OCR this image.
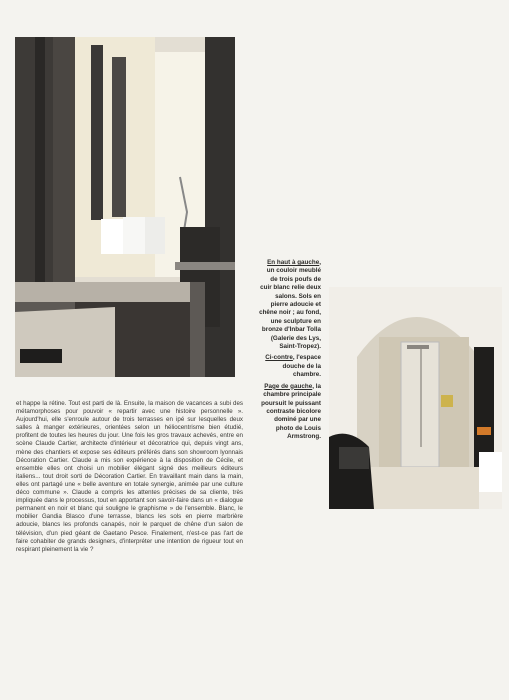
En haut à gauche, un couloir meublé de trois poufs de cuir blanc relie deux salons. Sols en pierre adoucie et chêne noir ; au fond, une sculpture en bronze d'Inbar Tolla (Galerie des Lys, Saint-Tropez).

Ci-contre, l'espace douche de la chambre.

Page de gauche, la chambre principale poursuit le puissant contraste bicolore dominé par une photo de Louis Armstrong.

et happe la rétine. Tout est parti de là. Ensuite, la maison de vacances a subi des métamorphoses pour pouvoir « repartir avec une histoire personnelle ». Aujourd'hui, elle s'enroule autour de trois terrasses en ipé sur lesquelles deux salles à manger extérieures, orientées selon un héliocentrisme bien étudié, profitent de toutes les heures du jour. Une fois les gros travaux achevés, entre en scène Claude Cartier, architecte d'intérieur et décoratrice qui, depuis vingt ans, mène des chantiers et expose ses éditeurs préférés dans son showroom lyonnais Décoration Cartier. Claude a mis son expérience à la disposition de Cécile, et ensemble elles ont choisi un mobilier élégant signé des meilleurs éditeurs italiens... tout droit sorti de Décoration Cartier. En travaillant main dans la main, elles ont partagé une « belle aventure en totale synergie, animée par une culture déco commune ». Claude a compris les attentes précises de sa cliente, très impliquée dans le processus, tout en apportant son savoir-faire dans un « dialogue permanent en noir et blanc qui souligne le graphisme » de l'ensemble. Blanc, le mobilier Gandia Blasco d'une terrasse, blancs les sols en pierre marbrière adoucie, blancs les profonds canapés, noir le parquet de chêne d'un salon de télévision, d'un pied géant de Gaetano Pesce. Finalement, n'est-ce pas l'art de faire cohabiter de grands designers, d'interpréter une intention de rigueur tout en respirant pleinement la vie ?
